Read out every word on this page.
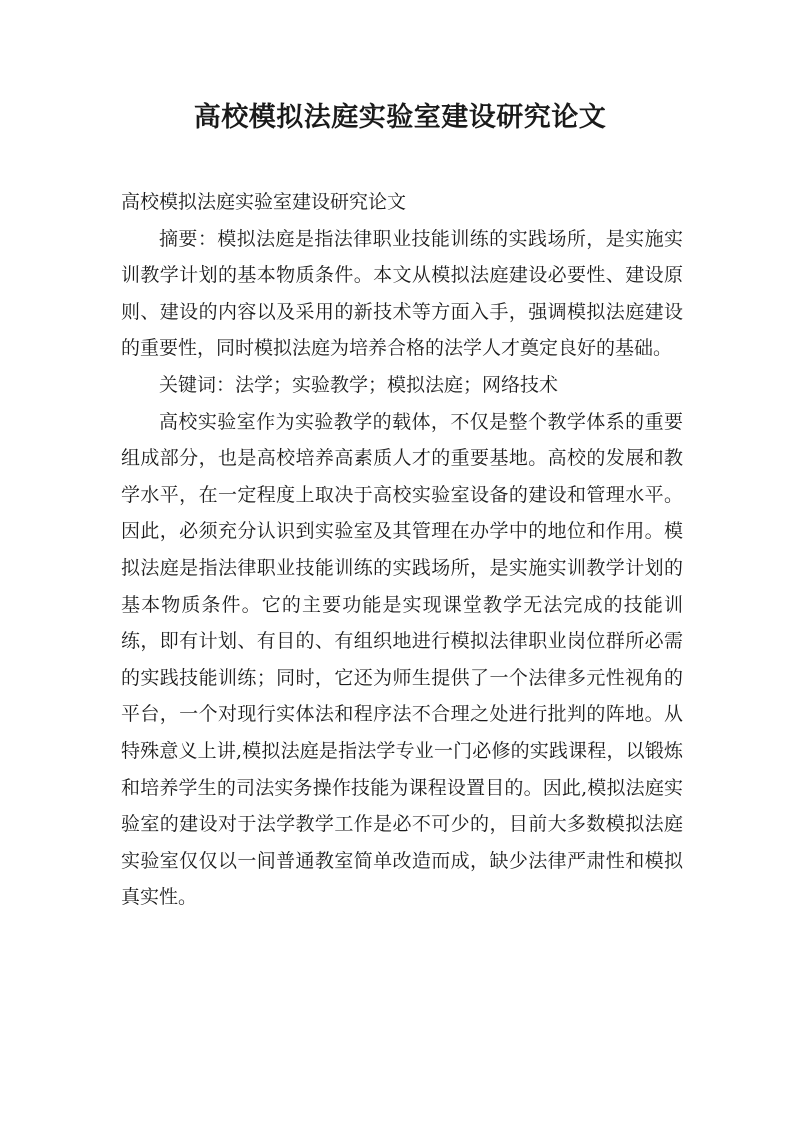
高校模拟法庭实验室建设研究论文

高校模拟法庭实验室建设研究论文

摘要：模拟法庭是指法律职业技能训练的实践场所，是实施实训教学计划的基本物质条件。本文从模拟法庭建设必要性、建设原则、建设的内容以及采用的新技术等方面入手，强调模拟法庭建设的重要性，同时模拟法庭为培养合格的法学人才奠定良好的基础。

关键词：法学；实验教学；模拟法庭；网络技术

高校实验室作为实验教学的载体，不仅是整个教学体系的重要组成部分，也是高校培养高素质人才的重要基地。高校的发展和教学水平，在一定程度上取决于高校实验室设备的建设和管理水平。因此，必须充分认识到实验室及其管理在办学中的地位和作用。模拟法庭是指法律职业技能训练的实践场所，是实施实训教学计划的基本物质条件。它的主要功能是实现课堂教学无法完成的技能训练，即有计划、有目的、有组织地进行模拟法律职业岗位群所必需的实践技能训练；同时，它还为师生提供了一个法律多元性视角的平台，一个对现行实体法和程序法不合理之处进行批判的阵地。从特殊意义上讲,模拟法庭是指法学专业一门必修的实践课程，以锻炼和培养学生的司法实务操作技能为课程设置目的。因此,模拟法庭实验室的建设对于法学教学工作是必不可少的，目前大多数模拟法庭实验室仅仅以一间普通教室简单改造而成，缺少法律严肃性和模拟真实性。
